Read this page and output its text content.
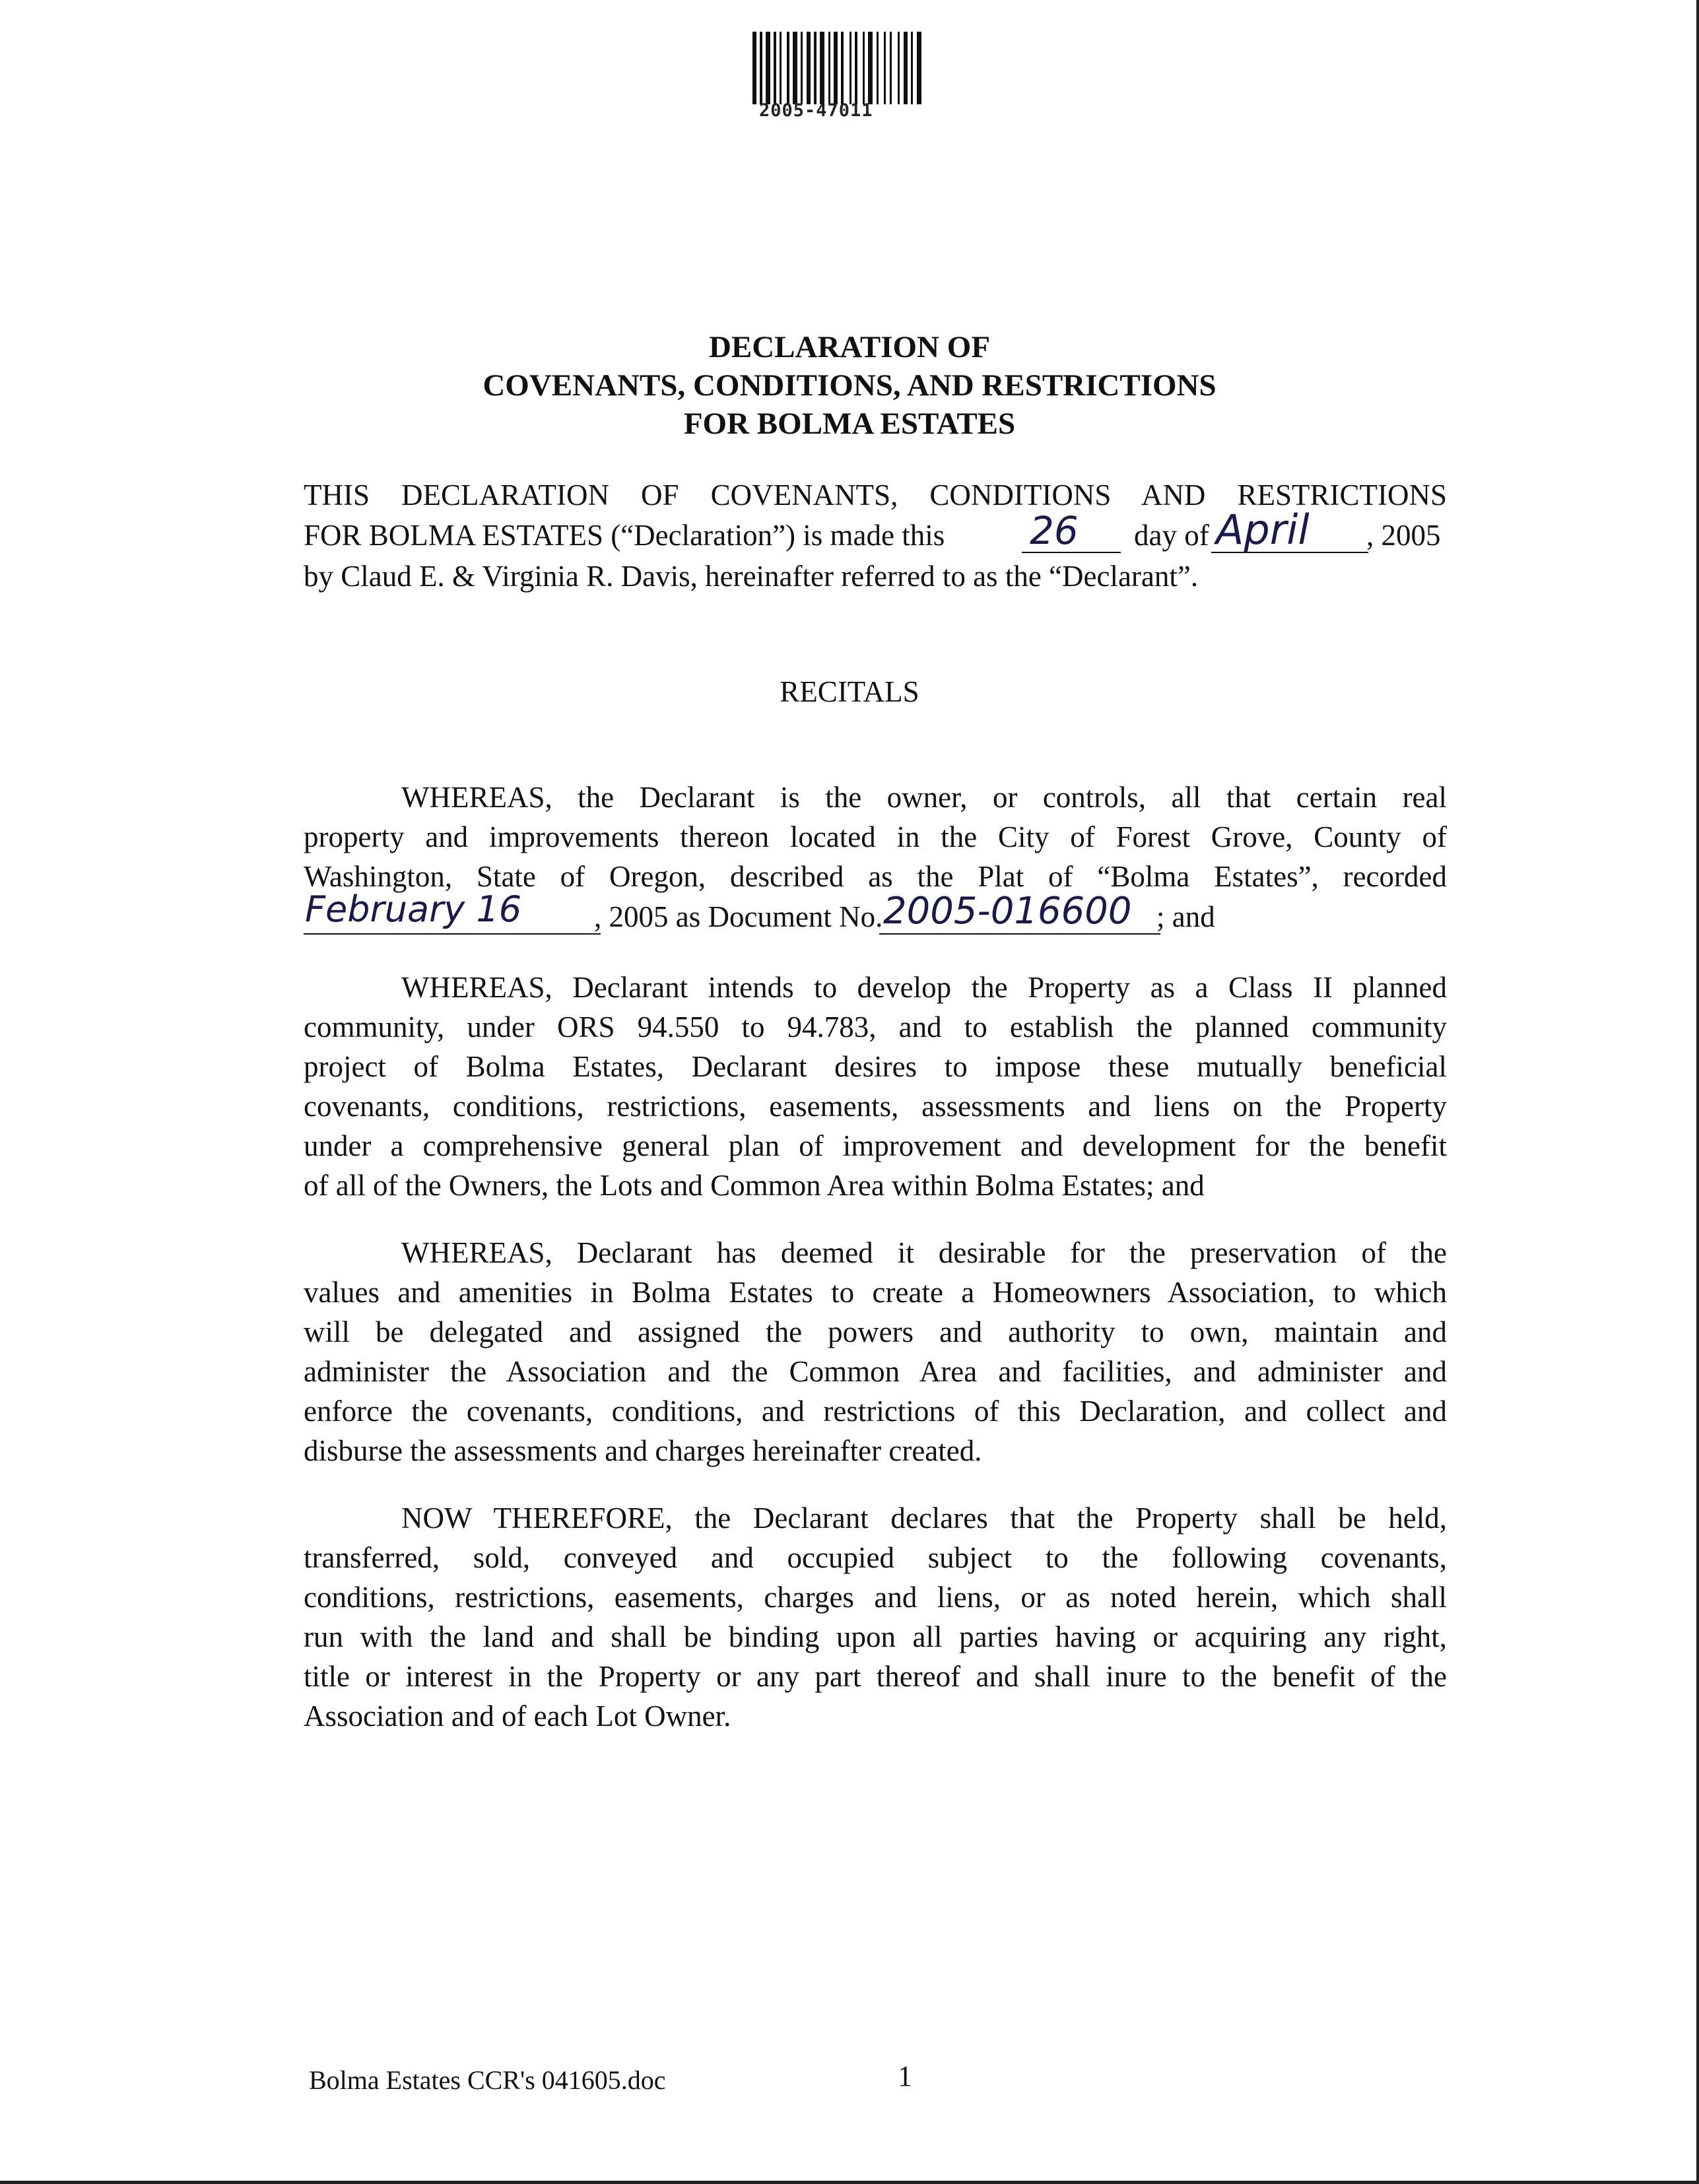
2005-47011
DECLARATION OF
COVENANTS, CONDITIONS, AND RESTRICTIONS
FOR BOLMA ESTATES
THIS DECLARATION OF COVENANTS, CONDITIONS AND RESTRICTIONS
FOR BOLMA ESTATES (“Declaration”) is made this 26 day of April , 2005
by Claud E. & Virginia R. Davis, hereinafter referred to as the “Declarant”.
RECITALS
WHEREAS, the Declarant is the owner, or controls, all that certain real
property and improvements thereon located in the City of Forest Grove, County of
Washington, State of Oregon, described as the Plat of “Bolma Estates”, recorded
February 16 , 2005 as Document No. 2005-016600 ; and
WHEREAS, Declarant intends to develop the Property as a Class II planned
community, under ORS 94.550 to 94.783, and to establish the planned community
project of Bolma Estates, Declarant desires to impose these mutually beneficial
covenants, conditions, restrictions, easements, assessments and liens on the Property
under a comprehensive general plan of improvement and development for the benefit
of all of the Owners, the Lots and Common Area within Bolma Estates; and
WHEREAS, Declarant has deemed it desirable for the preservation of the
values and amenities in Bolma Estates to create a Homeowners Association, to which
will be delegated and assigned the powers and authority to own, maintain and
administer the Association and the Common Area and facilities, and administer and
enforce the covenants, conditions, and restrictions of this Declaration, and collect and
disburse the assessments and charges hereinafter created.
NOW THEREFORE, the Declarant declares that the Property shall be held,
transferred, sold, conveyed and occupied subject to the following covenants,
conditions, restrictions, easements, charges and liens, or as noted herein, which shall
run with the land and shall be binding upon all parties having or acquiring any right,
title or interest in the Property or any part thereof and shall inure to the benefit of the
Association and of each Lot Owner.
Bolma Estates CCR's 041605.doc	1
